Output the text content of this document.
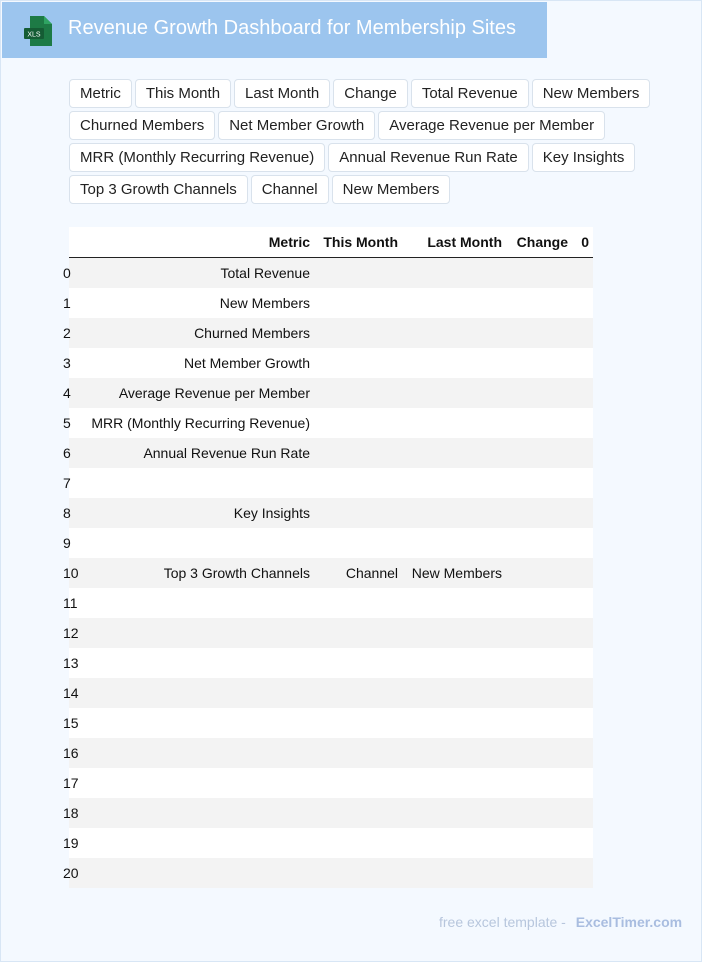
XLS Revenue Growth Dashboard for Membership Sites
Metric	This Month	Last Month	Change	Total Revenue	New Members
Churned Members	Net Member Growth	Average Revenue per Member
MRR (Monthly Recurring Revenue)	Annual Revenue Run Rate	Key Insights
Top 3 Growth Channels	Channel	New Members
	Metric	This Month	Last Month	Change	0
0	Total Revenue				
1	New Members				
2	Churned Members				
3	Net Member Growth				
4	Average Revenue per Member				
5	MRR (Monthly Recurring Revenue)				
6	Annual Revenue Run Rate				
7					
8	Key Insights				
9					
10	Top 3 Growth Channels	Channel	New Members		
11					
12					
13					
14					
15					
16					
17					
18					
19					
20					
free excel template - ExcelTimer.com
